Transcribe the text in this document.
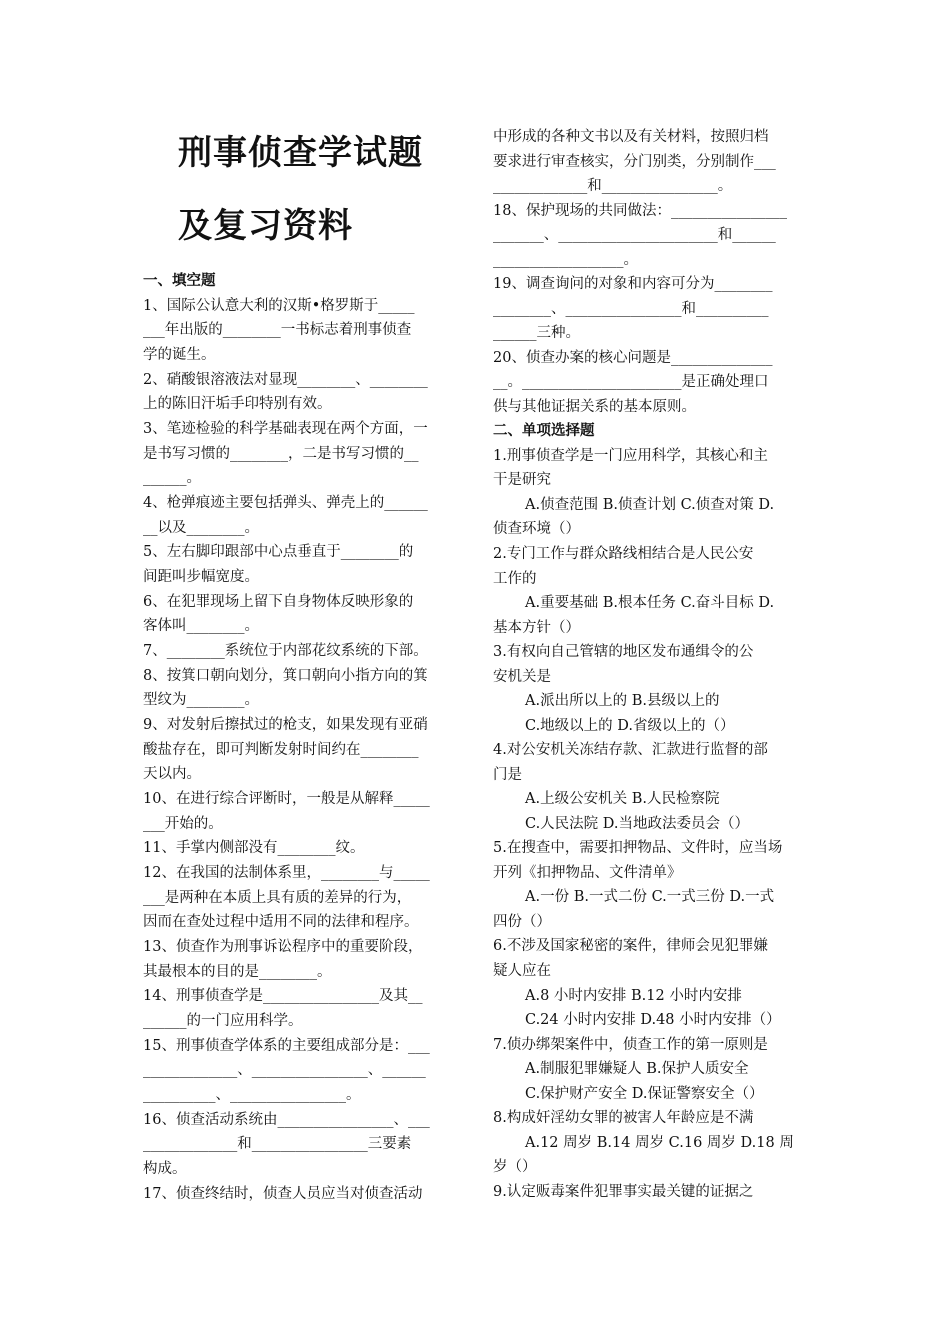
刑事侦查学试题
及复习资料
一、填空题
1、国际公认意大利的汉斯•格罗斯于_____
___年出版的________一书标志着刑事侦查
学的诞生。
2、硝酸银溶液法对显现________、________
上的陈旧汗垢手印特别有效。
3、笔迹检验的科学基础表现在两个方面，一
是书写习惯的________，二是书写习惯的__
______。
4、枪弹痕迹主要包括弹头、弹壳上的______
__以及________。
5、左右脚印跟部中心点垂直于________的
间距叫步幅宽度。
6、在犯罪现场上留下自身物体反映形象的
客体叫________。
7、________系统位于内部花纹系统的下部。
8、按箕口朝向划分，箕口朝向小指方向的箕
型纹为________。
9、对发射后擦拭过的枪支，如果发现有亚硝
酸盐存在，即可判断发射时间约在________
天以内。
10、在进行综合评断时，一般是从解释_____
___开始的。
11、手掌内侧部没有________纹。
12、在我国的法制体系里，________与_____
___是两种在本质上具有质的差异的行为，
因而在查处过程中适用不同的法律和程序。
13、侦查作为刑事诉讼程序中的重要阶段，
其最根本的目的是________。
14、刑事侦查学是________________及其__
______的一门应用科学。
15、刑事侦查学体系的主要组成部分是：___
_____________、________________、______
__________、________________。
16、侦查活动系统由________________、___
_____________和________________三要素
构成。
17、侦查终结时，侦查人员应当对侦查活动
中形成的各种文书以及有关材料，按照归档
要求进行审查核实，分门别类，分别制作___
_____________和________________。
18、保护现场的共同做法：________________
_______、______________________和______
__________________。
19、调查询问的对象和内容可分为________
________、________________和__________
______三种。
20、侦查办案的核心问题是______________
__。______________________是正确处理口
供与其他证据关系的基本原则。
二、单项选择题
1.刑事侦查学是一门应用科学，其核心和主
干是研究
A.侦查范围 B.侦查计划 C.侦查对策 D.
侦查环境（）
2.专门工作与群众路线相结合是人民公安
工作的
A.重要基础 B.根本任务 C.奋斗目标 D.
基本方针（）
3.有权向自己管辖的地区发布通缉令的公
安机关是
A.派出所以上的 B.县级以上的
C.地级以上的 D.省级以上的（）
4.对公安机关冻结存款、汇款进行监督的部
门是
A.上级公安机关 B.人民检察院
C.人民法院 D.当地政法委员会（）
5.在搜查中，需要扣押物品、文件时，应当场
开列《扣押物品、文件清单》
A.一份 B.一式二份 C.一式三份 D.一式
四份（）
6.不涉及国家秘密的案件，律师会见犯罪嫌
疑人应在
A.8 小时内安排 B.12 小时内安排
C.24 小时内安排 D.48 小时内安排（）
7.侦办绑架案件中，侦查工作的第一原则是
A.制服犯罪嫌疑人 B.保护人质安全
C.保护财产安全 D.保证警察安全（）
8.构成奸淫幼女罪的被害人年龄应是不满
A.12 周岁 B.14 周岁 C.16 周岁 D.18 周
岁（）
9.认定贩毒案件犯罪事实最关键的证据之
